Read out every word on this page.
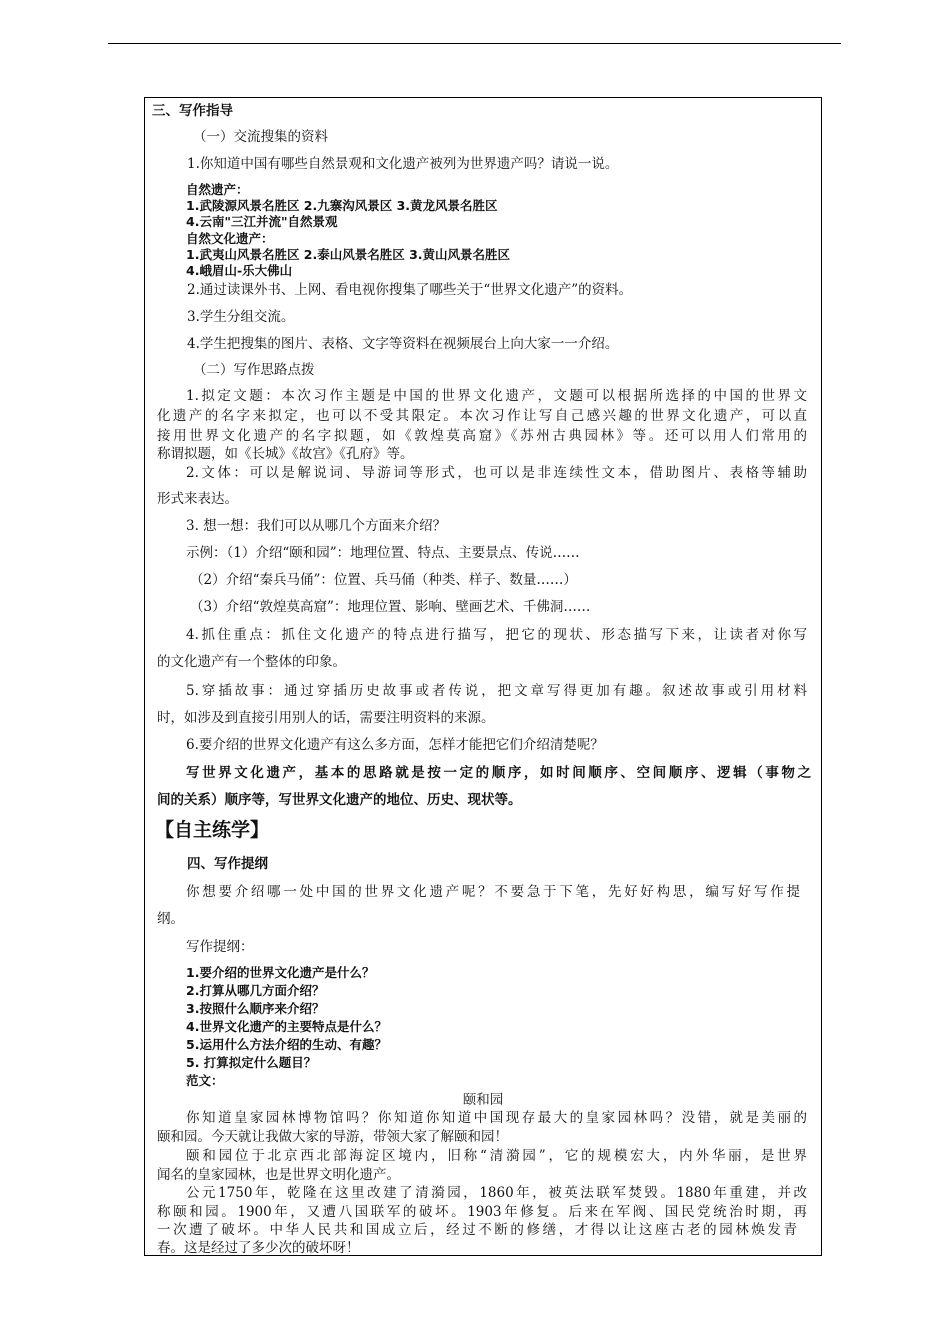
三、写作指导
（一）交流搜集的资料
1.你知道中国有哪些自然景观和文化遗产被列为世界遗产吗？请说一说。
自然遗产：
1.武陵源风景名胜区 2.九寨沟风景区 3.黄龙风景名胜区
4.云南"三江并流"自然景观
自然文化遗产：
1.武夷山风景名胜区 2.泰山风景名胜区 3.黄山风景名胜区
4.峨眉山-乐大佛山
2.通过读课外书、上网、看电视你搜集了哪些关于“世界文化遗产”的资料。
3.学生分组交流。
4.学生把搜集的图片、表格、文字等资料在视频展台上向大家一一介绍。
（二）写作思路点拨
1.拟定文题：本次习作主题是中国的世界文化遗产，文题可以根据所选择的中国的世界文
化遗产的名字来拟定，也可以不受其限定。本次习作让写自己感兴趣的世界文化遗产，可以直
接用世界文化遗产的名字拟题，如《敦煌莫高窟》《苏州古典园林》等。还可以用人们常用的
称谓拟题，如《长城》《故宫》《孔府》等。
2.文体：可以是解说词、导游词等形式，也可以是非连续性文本，借助图片、表格等辅助
形式来表达。
3. 想一想：我们可以从哪几个方面来介绍？
示例：（1）介绍“颐和园”：地理位置、特点、主要景点、传说……
（2）介绍“秦兵马俑”：位置、兵马俑（种类、样子、数量……）
（3）介绍“敦煌莫高窟”：地理位置、影响、壁画艺术、千佛洞……
4.抓住重点：抓住文化遗产的特点进行描写，把它的现状、形态描写下来，让读者对你写
的文化遗产有一个整体的印象。
5.穿插故事：通过穿插历史故事或者传说，把文章写得更加有趣。叙述故事或引用材料
时，如涉及到直接引用别人的话，需要注明资料的来源。
6.要介绍的世界文化遗产有这么多方面，怎样才能把它们介绍清楚呢？
写世界文化遗产，基本的思路就是按一定的顺序，如时间顺序、空间顺序、逻辑（事物之
间的关系）顺序等，写世界文化遗产的地位、历史、现状等。
【自主练学】
四、写作提纲
你想要介绍哪一处中国的世界文化遗产呢？不要急于下笔，先好好构思，编写好写作提
纲。
写作提纲：
1.要介绍的世界文化遗产是什么？
2.打算从哪几方面介绍？
3.按照什么顺序来介绍？
4.世界文化遗产的主要特点是什么？
5.运用什么方法介绍的生动、有趣？
5. 打算拟定什么题目？
范文：
颐和园
你知道皇家园林博物馆吗？你知道你知道中国现存最大的皇家园林吗？没错，就是美丽的
颐和园。今天就让我做大家的导游，带领大家了解颐和园！
颐和园位于北京西北部海淀区境内，旧称“清漪园”，它的规模宏大，内外华丽，是世界
闻名的皇家园林，也是世界文明化遗产。
公元1750年，乾隆在这里改建了清漪园，1860年，被英法联军焚毁。1880年重建，并改
称颐和园。1900年，又遭八国联军的破坏。1903年修复。后来在军阀、国民党统治时期，再
一次遭了破坏。中华人民共和国成立后，经过不断的修缮，才得以让这座古老的园林焕发青
春。这是经过了多少次的破坏呀！
